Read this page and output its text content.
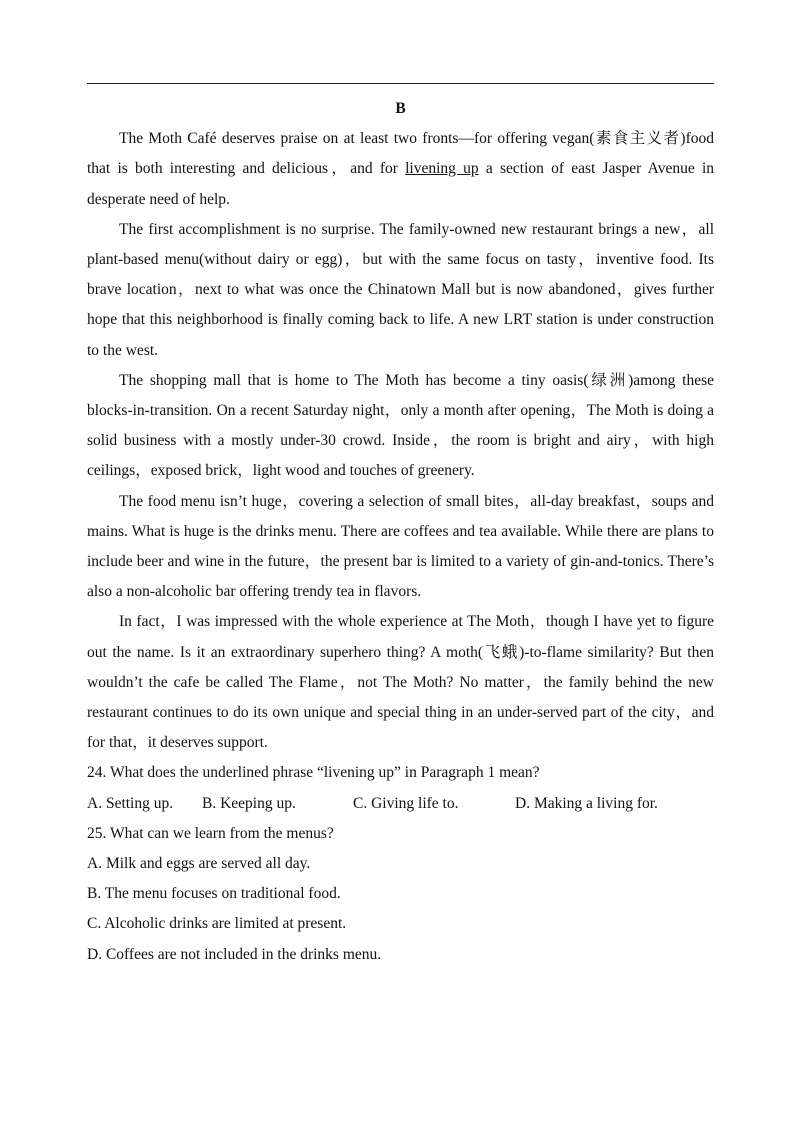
B

The Moth Café deserves praise on at least two fronts—for offering vegan(素食主义者)food that is both interesting and delicious，and for livening up a section of east Jasper Avenue in desperate need of help.

The first accomplishment is no surprise. The family-owned new restaurant brings a new，all plant-based menu(without dairy or egg)，but with the same focus on tasty，inventive food. Its brave location，next to what was once the Chinatown Mall but is now abandoned，gives further hope that this neighborhood is finally coming back to life. A new LRT station is under construction to the west.

The shopping mall that is home to The Moth has become a tiny oasis(绿洲)among these blocks-in-transition. On a recent Saturday night，only a month after opening，The Moth is doing a solid business with a mostly under-30 crowd. Inside，the room is bright and airy，with high ceilings，exposed brick，light wood and touches of greenery.

The food menu isn’t huge，covering a selection of small bites，all-day breakfast，soups and mains. What is huge is the drinks menu. There are coffees and tea available. While there are plans to include beer and wine in the future，the present bar is limited to a variety of gin-and-tonics. There’s also a non-alcoholic bar offering trendy tea in flavors.

In fact，I was impressed with the whole experience at The Moth，though I have yet to figure out the name. Is it an extraordinary superhero thing? A moth(飞蛾)-to-flame similarity? But then wouldn’t the cafe be called The Flame，not The Moth? No matter，the family behind the new restaurant continues to do its own unique and special thing in an under-served part of the city，and for that，it deserves support.

24. What does the underlined phrase “livening up” in Paragraph 1 mean?

A. Setting up.	B. Keeping up.	C. Giving life to.	D. Making a living for.

25. What can we learn from the menus?

A. Milk and eggs are served all day.

B. The menu focuses on traditional food.

C. Alcoholic drinks are limited at present.

D. Coffees are not included in the drinks menu.
